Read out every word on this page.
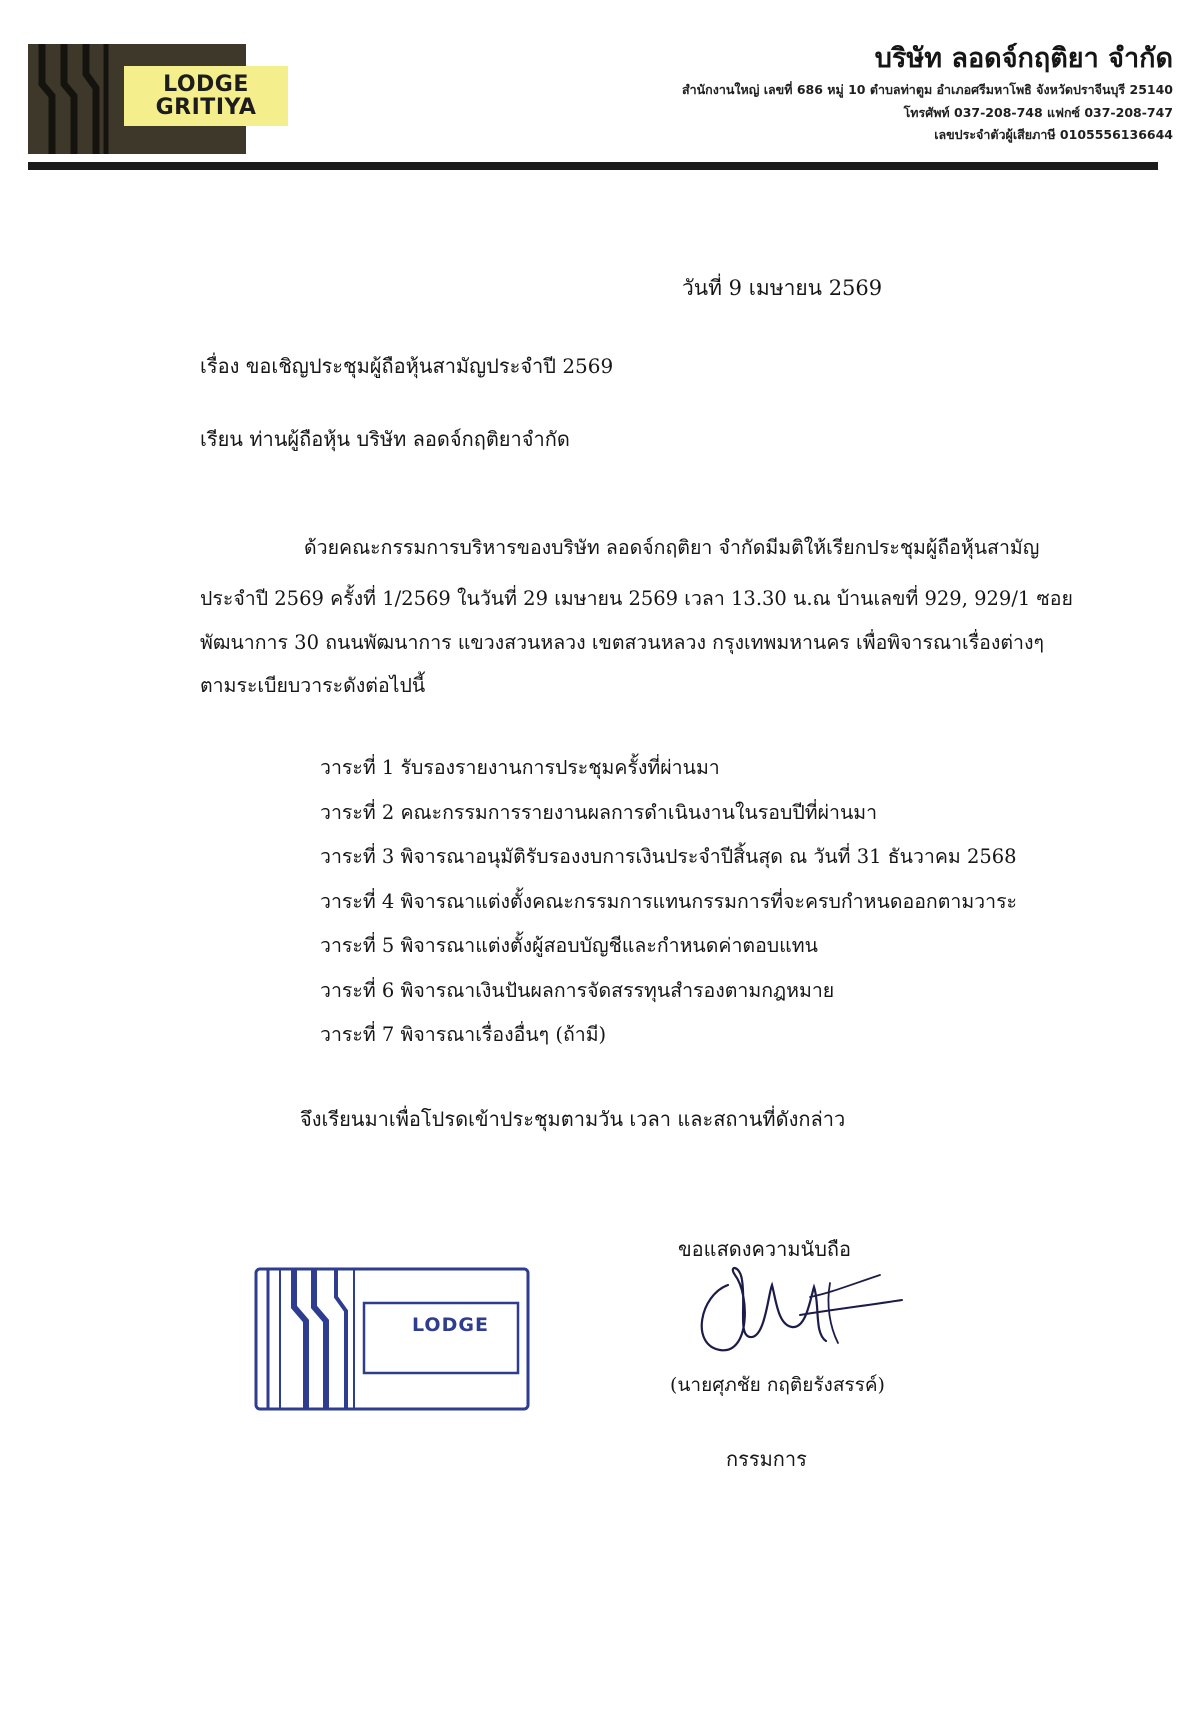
LODGE
GRITIYA
บริษัท ลอดจ์กฤติยา จำกัด
สำนักงานใหญ่ เลขที่ 686 หมู่ 10 ตำบลท่าตูม อำเภอศรีมหาโพธิ จังหวัดปราจีนบุรี 25140
โทรศัพท์ 037-208-748 แฟกซ์ 037-208-747
เลขประจำตัวผู้เสียภาษี 0105556136644
วันที่ 9 เมษายน 2569
เรื่อง ขอเชิญประชุมผู้ถือหุ้นสามัญประจำปี 2569
เรียน ท่านผู้ถือหุ้น บริษัท ลอดจ์กฤติยาจำกัด
ด้วยคณะกรรมการบริหารของบริษัท ลอดจ์กฤติยา จำกัดมีมติให้เรียกประชุมผู้ถือหุ้นสามัญ
ประจำปี 2569 ครั้งที่ 1/2569 ในวันที่ 29 เมษายน 2569 เวลา 13.30 น.ณ บ้านเลขที่ 929, 929/1 ซอย
พัฒนาการ 30 ถนนพัฒนาการ แขวงสวนหลวง เขตสวนหลวง กรุงเทพมหานคร เพื่อพิจารณาเรื่องต่างๆ
ตามระเบียบวาระดังต่อไปนี้
วาระที่ 1 รับรองรายงานการประชุมครั้งที่ผ่านมา
วาระที่ 2 คณะกรรมการรายงานผลการดำเนินงานในรอบปีที่ผ่านมา
วาระที่ 3 พิจารณาอนุมัติรับรองงบการเงินประจำปีสิ้นสุด ณ วันที่ 31 ธันวาคม 2568
วาระที่ 4 พิจารณาแต่งตั้งคณะกรรมการแทนกรรมการที่จะครบกำหนดออกตามวาระ
วาระที่ 5 พิจารณาแต่งตั้งผู้สอบบัญชีและกำหนดค่าตอบแทน
วาระที่ 6 พิจารณาเงินปันผลการจัดสรรทุนสำรองตามกฎหมาย
วาระที่ 7 พิจารณาเรื่องอื่นๆ (ถ้ามี)
จึงเรียนมาเพื่อโปรดเข้าประชุมตามวัน เวลา และสถานที่ดังกล่าว
LODGE
ขอแสดงความนับถือ
(นายศุภชัย กฤติยรังสรรค์)
กรรมการ
